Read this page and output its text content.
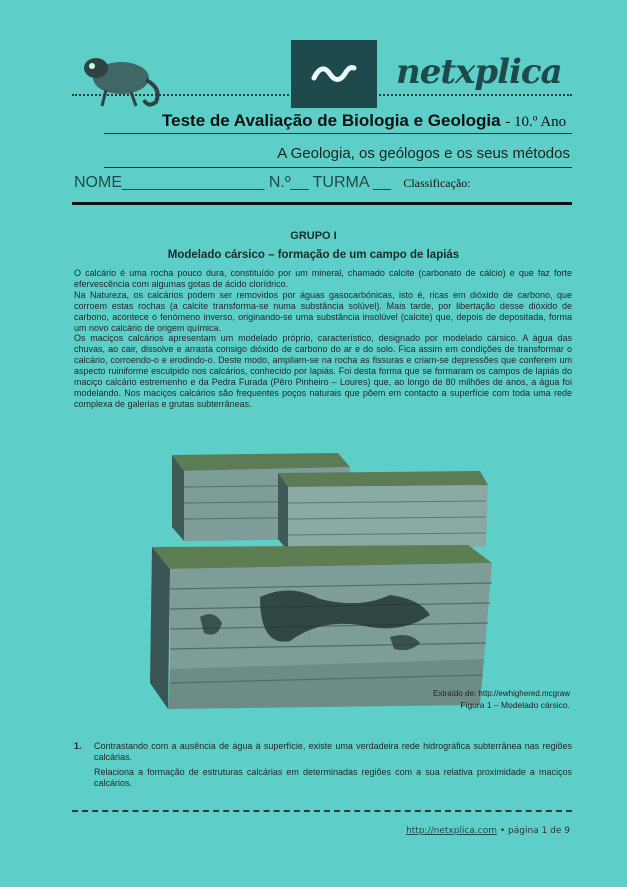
netxplica
Teste de Avaliação de Biologia e Geologia - 10.º Ano
A Geologia, os geólogos e os seus métodos
NOME________________ N.º__ TURMA __ Classificação:
GRUPO I
Modelado cársico – formação de um campo de lapiás

O calcário é uma rocha pouco dura, constituído por um mineral, chamado calcite (carbonato de cálcio) e que faz forte efervescência com algumas gotas de ácido clorídrico.

Na Natureza, os calcários podem ser removidos por águas gasocarbónicas, isto é, ricas em dióxido de carbono, que corroem estas rochas (a calcite transforma-se numa substância solúvel). Mais tarde, por libertação desse dióxido de carbono, acontece o fenómeno inverso, originando-se uma substância insolúvel (calcite) que, depois de depositada, forma um novo calcário de origem química.

Os maciços calcários apresentam um modelado próprio, característico, designado por modelado cársico. A água das chuvas, ao cair, dissolve e arrasta consigo dióxido de carbono do ar e do solo. Fica assim em condições de transformar o calcário, corroendo-o e erodindo-o. Deste modo, ampliam-se na rocha as fissuras e criam-se depressões que conferem um aspecto ruiniforme esculpido nos calcários, conhecido por lapiás. Foi desta forma que se formaram os campos de lapiás do maciço calcário estremenho e da Pedra Furada (Pêro Pinheiro – Loures) que, ao longo de 80 milhões de anos, a água foi modelando. Nos maciços calcários são frequentes poços naturais que põem em contacto a superfície com toda uma rede complexa de galerias e grutas subterrâneas.

Extraído de: http://ewhighered.mcgraw
Figura 1 – Modelado cársico.
1. Contrastando com a ausência de água à superfície, existe uma verdadeira rede hidrográfica subterrânea nas regiões calcárias.

Relaciona a formação de estruturas calcárias em determinadas regiões com a sua relativa proximidade a maciços calcários.

http://netxplica.com • página 1 de 9
